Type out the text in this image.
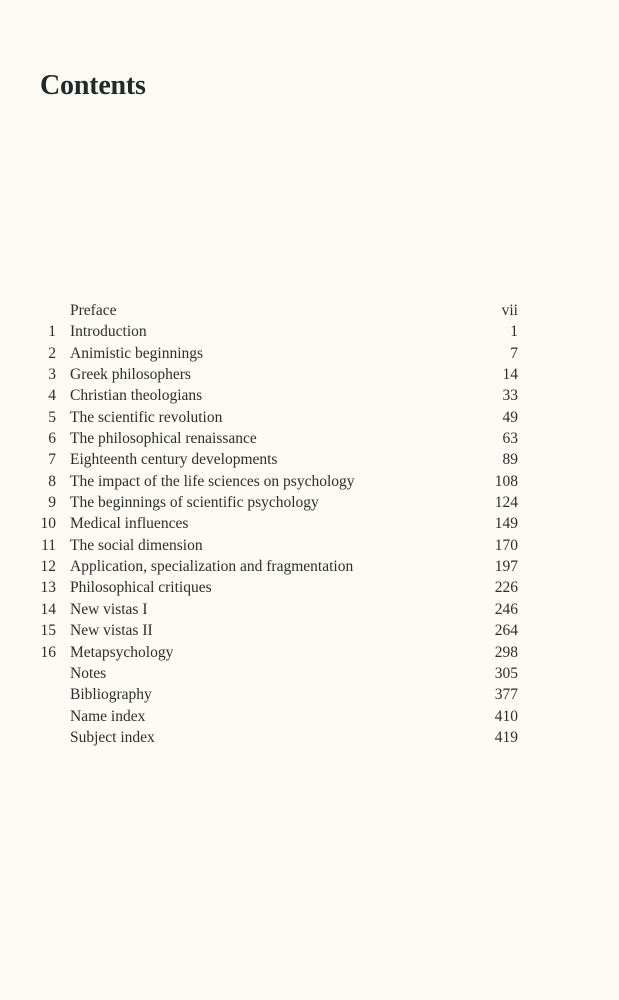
Contents
Preface	vii
1 Introduction	1
2 Animistic beginnings	7
3 Greek philosophers	14
4 Christian theologians	33
5 The scientific revolution	49
6 The philosophical renaissance	63
7 Eighteenth century developments	89
8 The impact of the life sciences on psychology	108
9 The beginnings of scientific psychology	124
10 Medical influences	149
11 The social dimension	170
12 Application, specialization and fragmentation	197
13 Philosophical critiques	226
14 New vistas I	246
15 New vistas II	264
16 Metapsychology	298
Notes	305
Bibliography	377
Name index	410
Subject index	419
